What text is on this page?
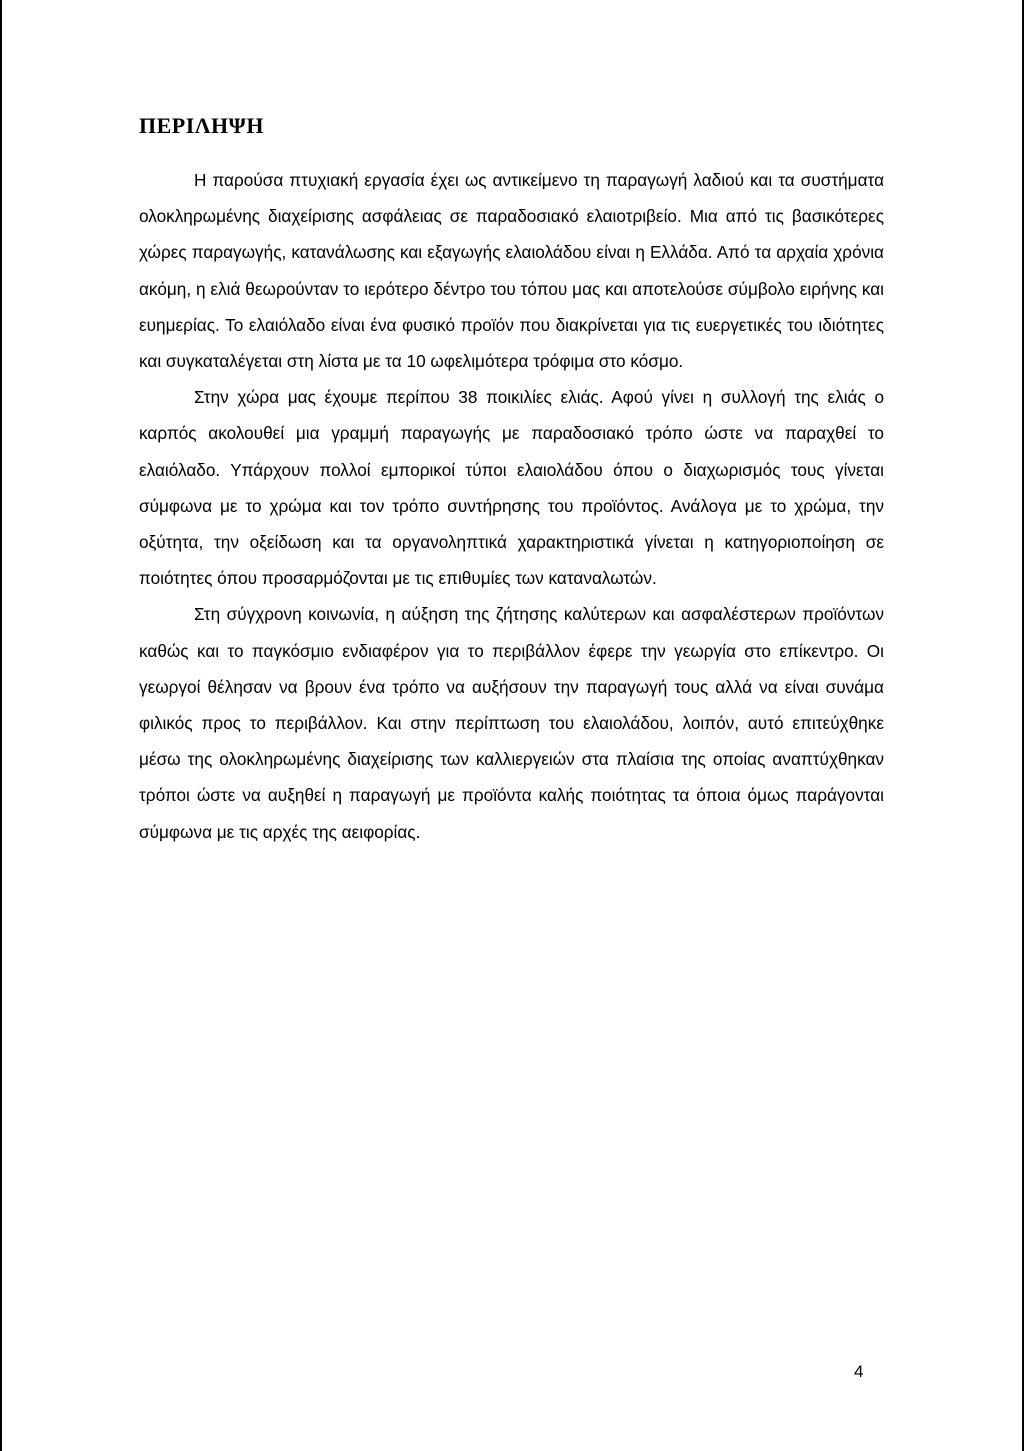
ΠΕΡΙΛΗΨΗ

Η παρούσα πτυχιακή εργασία έχει ως αντικείμενο τη παραγωγή λαδιού και τα συστήματα ολοκληρωμένης διαχείρισης ασφάλειας σε παραδοσιακό ελαιοτριβείο. Μια από τις βασικότερες χώρες παραγωγής, κατανάλωσης και εξαγωγής ελαιολάδου είναι η Ελλάδα. Από τα αρχαία χρόνια ακόμη, η ελιά θεωρούνταν το ιερότερο δέντρο του τόπου μας και αποτελούσε σύμβολο ειρήνης και ευημερίας. Το ελαιόλαδο είναι ένα φυσικό προϊόν που διακρίνεται για τις ευεργετικές του ιδιότητες και συγκαταλέγεται στη λίστα με τα 10 ωφελιμότερα τρόφιμα στο κόσμο.

Στην χώρα μας έχουμε περίπου 38 ποικιλίες ελιάς. Αφού γίνει η συλλογή της ελιάς ο καρπός ακολουθεί μια γραμμή παραγωγής με παραδοσιακό τρόπο ώστε να παραχθεί το ελαιόλαδο. Υπάρχουν πολλοί εμπορικοί τύποι ελαιολάδου όπου ο διαχωρισμός τους γίνεται σύμφωνα με το χρώμα και τον τρόπο συντήρησης του προϊόντος. Ανάλογα με το χρώμα, την οξύτητα, την οξείδωση και τα οργανοληπτικά χαρακτηριστικά γίνεται η κατηγοριοποίηση σε ποιότητες όπου προσαρμόζονται με τις επιθυμίες των καταναλωτών.

Στη σύγχρονη κοινωνία, η αύξηση της ζήτησης καλύτερων και ασφαλέστερων προϊόντων καθώς και το παγκόσμιο ενδιαφέρον για το περιβάλλον έφερε την γεωργία στο επίκεντρο. Οι γεωργοί θέλησαν να βρουν ένα τρόπο να αυξήσουν την παραγωγή τους αλλά να είναι συνάμα φιλικός προς το περιβάλλον. Και στην περίπτωση του ελαιολάδου, λοιπόν, αυτό επιτεύχθηκε μέσω της ολοκληρωμένης διαχείρισης των καλλιεργειών στα πλαίσια της οποίας αναπτύχθηκαν τρόποι ώστε να αυξηθεί η παραγωγή με προϊόντα καλής ποιότητας τα όποια όμως παράγονται σύμφωνα με τις αρχές της αειφορίας.

4
